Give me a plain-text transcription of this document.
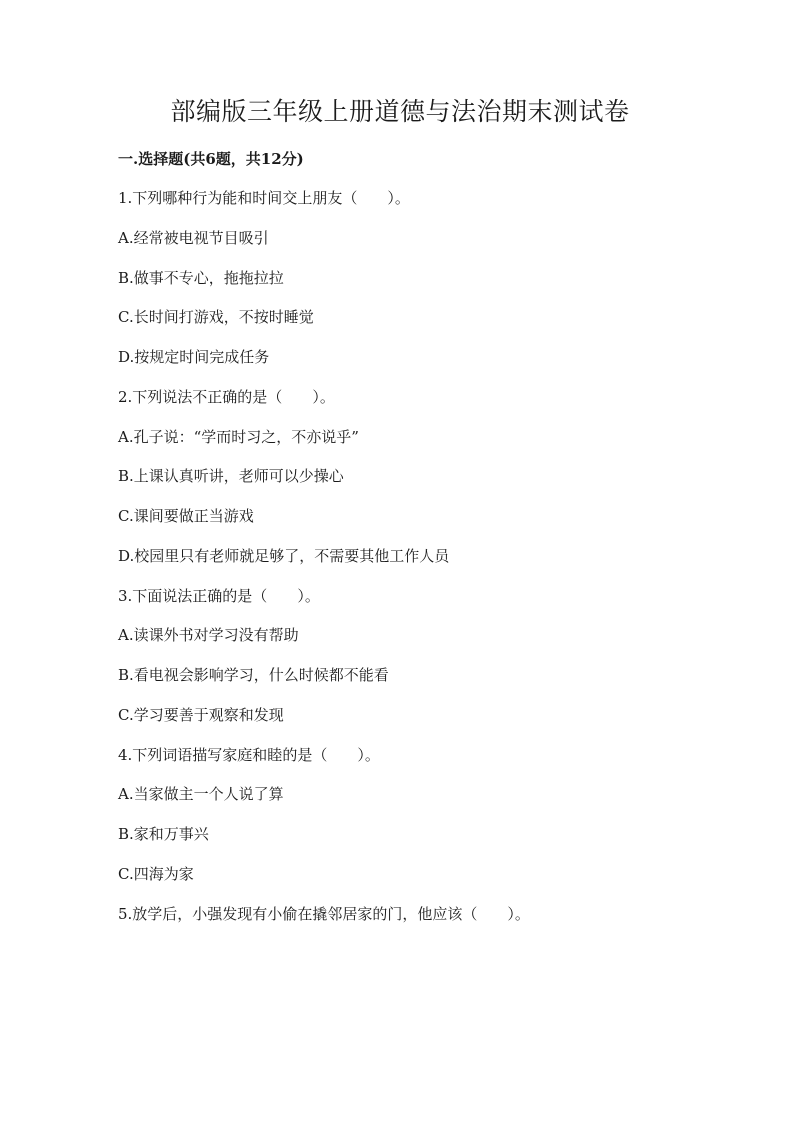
部编版三年级上册道德与法治期末测试卷

一.选择题(共6题，共12分)

1.下列哪种行为能和时间交上朋友（　　）。

A.经常被电视节目吸引

B.做事不专心，拖拖拉拉

C.长时间打游戏，不按时睡觉

D.按规定时间完成任务

2.下列说法不正确的是（　　）。

A.孔子说：“学而时习之，不亦说乎”

B.上课认真听讲，老师可以少操心

C.课间要做正当游戏

D.校园里只有老师就足够了，不需要其他工作人员

3.下面说法正确的是（　　）。

A.读课外书对学习没有帮助

B.看电视会影响学习，什么时候都不能看

C.学习要善于观察和发现

4.下列词语描写家庭和睦的是（　　）。

A.当家做主一个人说了算

B.家和万事兴

C.四海为家

5.放学后，小强发现有小偷在撬邻居家的门，他应该（　　）。
